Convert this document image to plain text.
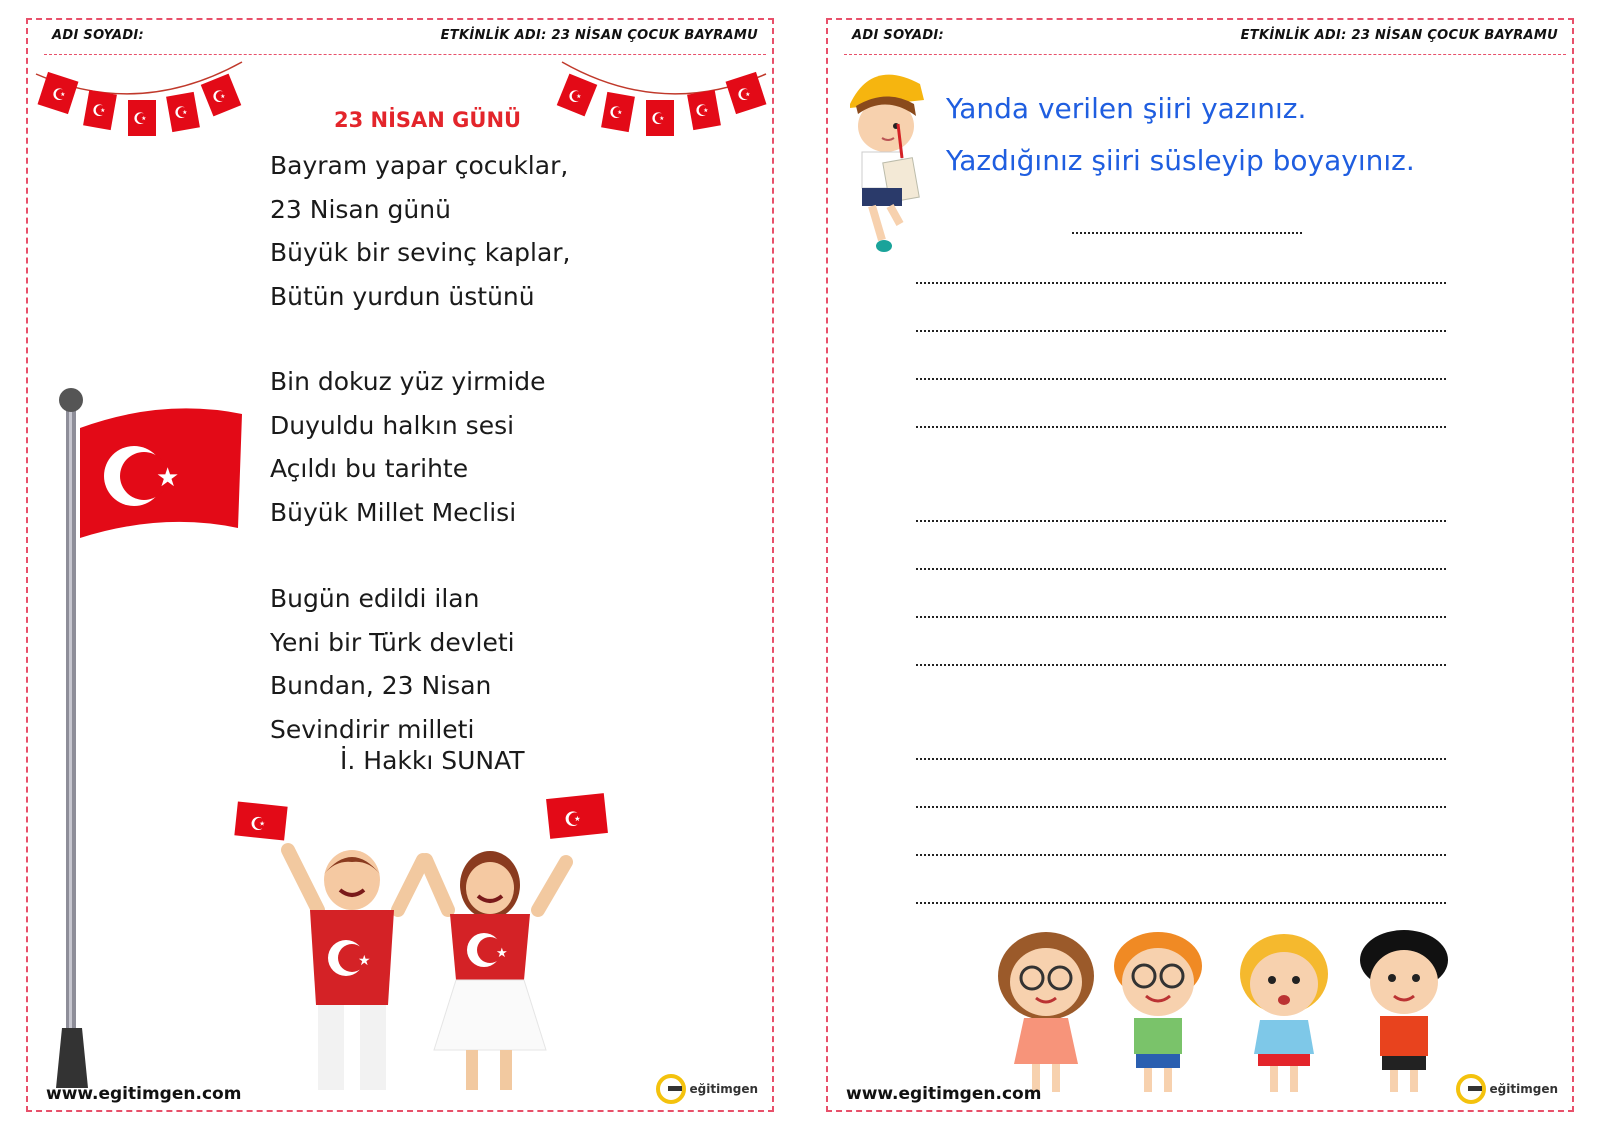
ADI SOYADI:	ETKİNLİK ADI: 23 NİSAN ÇOCUK BAYRAMU
☪
☪ ☪ ☪
☪	☪
☪ ☪ ☪
☪
23 NİSAN GÜNÜ
Bayram yapar çocuklar,
23 Nisan günü
Büyük bir sevinç kaplar,
Bütün yurdun üstünü
Bin dokuz yüz yirmide
Duyuldu halkın sesi
Açıldı bu tarihte
Büyük Millet Meclisi
Bugün edildi ilan
Yeni bir Türk devleti
Bundan, 23 Nisan
Sevindirir milleti
İ. Hakkı SUNAT
★
☪	☪
★	★
www.egitimgen.com	eğitimgen
ADI SOYADI:	ETKİNLİK ADI: 23 NİSAN ÇOCUK BAYRAMU
Yanda verilen şiiri yazınız.
Yazdığınız şiiri süsleyip boyayınız.
www.egitimgen.com	eğitimgen
